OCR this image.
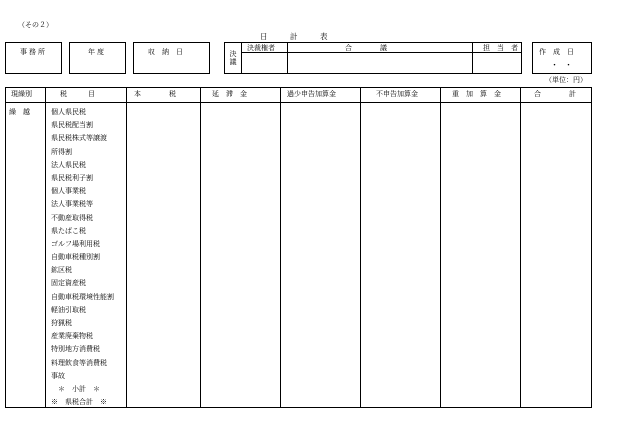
（その２）
事務所	年度	収　納　日
日　　　計　　　表
決議
決裁権者	合　　　　議	担　当　者	作　成　日
・　・
（単位：円）
現繰別	税　　　目	本　　　　税	延　滞　金	過少申告加算金	不申告加算金	重　加　算　金	合　　　　計
繰　越	個人県民税
県民税配当割
県民税株式等譲渡
所得割
法人県民税
県民税利子割
個人事業税
法人事業税等
不動産取得税
県たばこ税
ゴルフ場利用税
自動車税種別割
鉱区税
固定資産税
自動車税環境性能割
軽油引取税
狩猟税
産業廃棄物税
特別地方消費税
料理飲食等消費税
事故
　＊　小計　＊
※　県税合計　※
